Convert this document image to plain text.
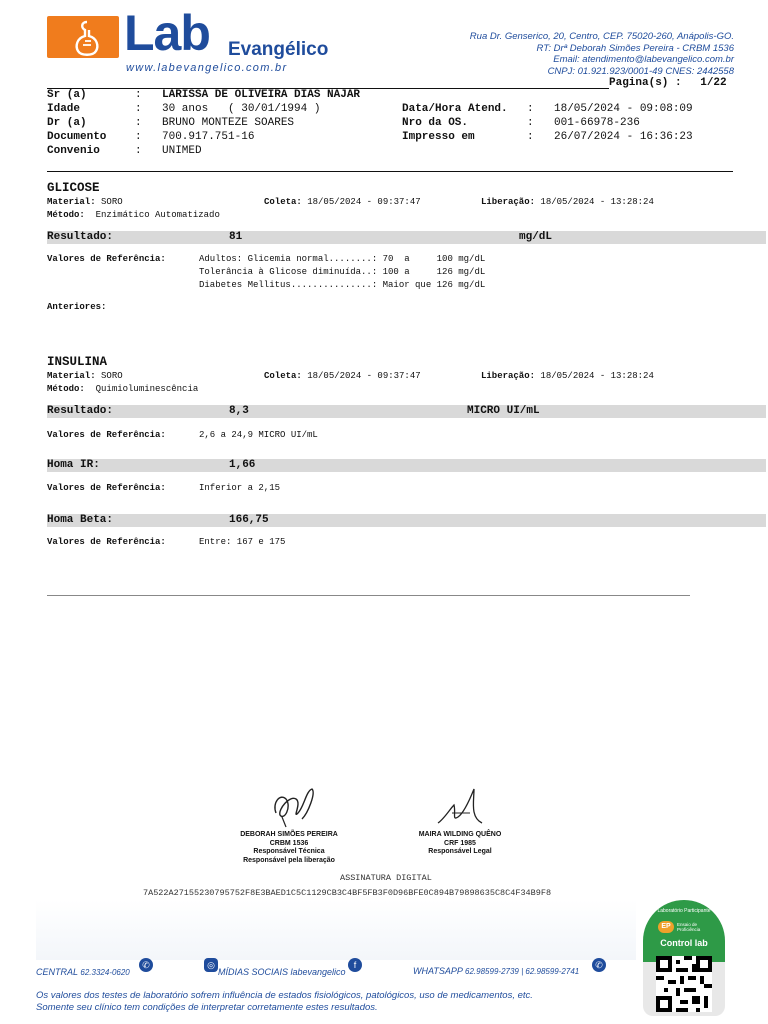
Lab Evangélico
www.labevangelico.com.br
Rua Dr. Genserico, 20, Centro, CEP. 75020-260, Anápolis-GO.
RT: Drª Deborah Simões Pereira - CRBM 1536
Email: atendimento@labevangelico.com.br
CNPJ: 01.921.923/0001-49 CNES: 2442558
Pagina(s) : 1/22
Sr (a)	: LARISSA DE OLIVEIRA DIAS NAJAR
Idade	: 30 anos   ( 30/01/1994 )
Dr (a)	: BRUNO MONTEZE SOARES
Documento	: 700.917.751-16
Convenio	: UNIMED
Data/Hora Atend. : 18/05/2024 - 09:08:09
Nro da OS.	: 001-66978-236
Impresso em	: 26/07/2024 - 16:36:23
GLICOSE
Material: SORO	Coleta: 18/05/2024 - 09:37:47	Liberação: 18/05/2024 - 13:28:24
Método: Enzimático Automatizado
Resultado:	81	mg/dL
Valores de Referência:	Adultos: Glicemia normal........: 70  a     100 mg/dL
Tolerância à Glicose diminuída..: 100 a     126 mg/dL
Diabetes Mellitus...............: Maior que 126 mg/dL
Anteriores:
INSULINA
Material: SORO	Coleta: 18/05/2024 - 09:37:47	Liberação: 18/05/2024 - 13:28:24
Método: Quimioluminescência
Resultado:	8,3	MICRO UI/mL
Valores de Referência:	2,6 a 24,9 MICRO UI/mL
Homa IR:	1,66
Valores de Referência:	Inferior a 2,15
Homa Beta:	166,75
Valores de Referência:	Entre: 167 e 175
DEBORAH SIMÕES PEREIRA
CRBM 1536
Responsável Técnica
Responsável pela liberação
MAIRA WILDING QUÊNO
CRF 1985
Responsável Legal
ASSINATURA DIGITAL
7A522A27155230795752F8E3BAED1C5C1129CB3C4BF5FB3F0D96BFE0C894B79898635C8C4F34B9F8
CENTRAL 62.3324-0620
✆	◎
MÍDIAS SOCIAIS labevangelico
f
WHATSAPP 62.98599-2739 | 62.98599-2741
✆
Os valores dos testes de laboratório sofrem influência de estados fisiológicos, patológicos, uso de medicamentos, etc.
Somente seu clínico tem condições de interpretar corretamente estes resultados.
Laboratório Participante
EP	Ensaio de Proficiência
Control lab
